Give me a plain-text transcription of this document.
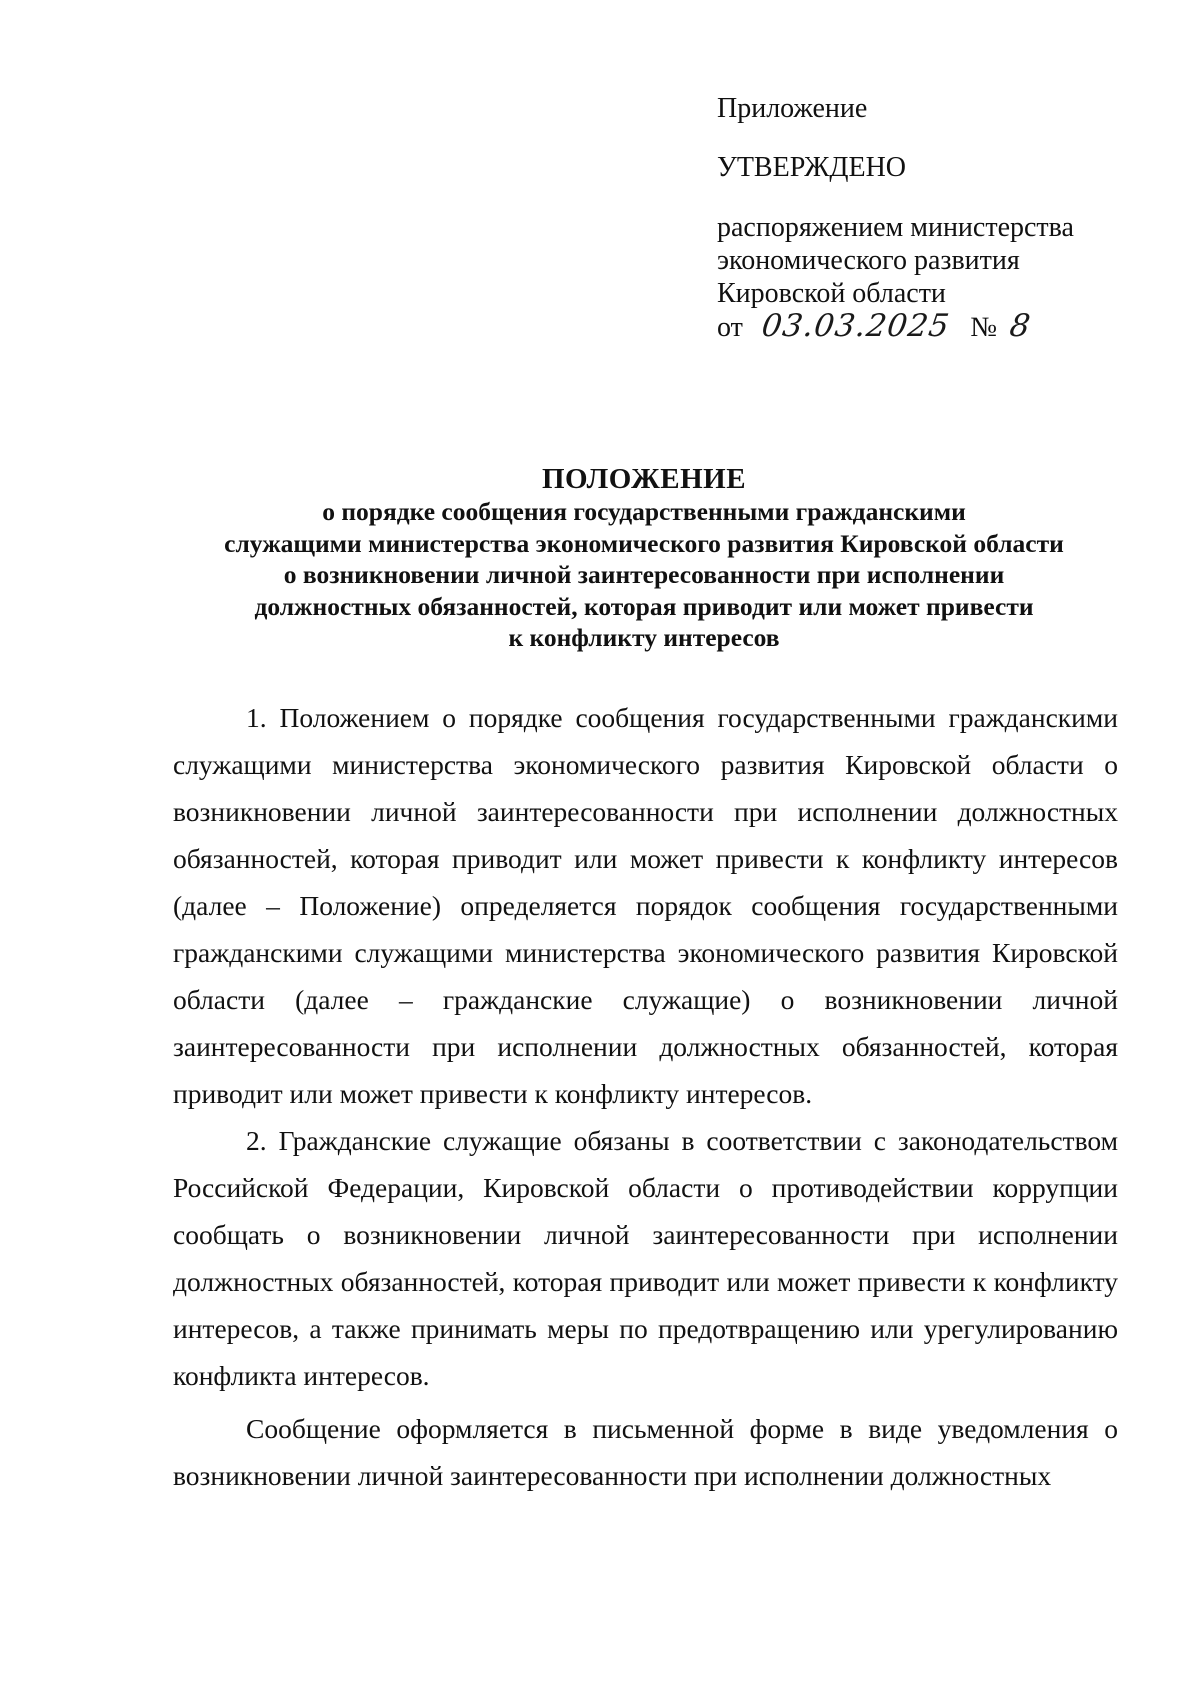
Приложение
УТВЕРЖДЕНО
распоряжением министерства
экономического развития
Кировской области
от 03.03.2025 № 8
ПОЛОЖЕНИЕ
о порядке сообщения государственными гражданскими
служащими министерства экономического развития Кировской области
о возникновении личной заинтересованности при исполнении
должностных обязанностей, которая приводит или может привести
к конфликту интересов

1. Положением о порядке сообщения государственными гражданскими служащими министерства экономического развития Кировской области о возникновении личной заинтересованности при исполнении должностных обязанностей, которая приводит или может привести к конфликту интересов (далее – Положение) определяется порядок сообщения государственными гражданскими служащими министерства экономического развития Кировской области (далее – гражданские служащие) о возникновении личной заинтересованности при исполнении должностных обязанностей, которая приводит или может привести к конфликту интересов.

2. Гражданские служащие обязаны в соответствии с законодательством Российской Федерации, Кировской области о противодействии коррупции сообщать о возникновении личной заинтересованности при исполнении должностных обязанностей, которая приводит или может привести к конфликту интересов, а также принимать меры по предотвращению или урегулированию конфликта интересов.

Сообщение оформляется в письменной форме в виде уведомления о возникновении личной заинтересованности при исполнении должностных
